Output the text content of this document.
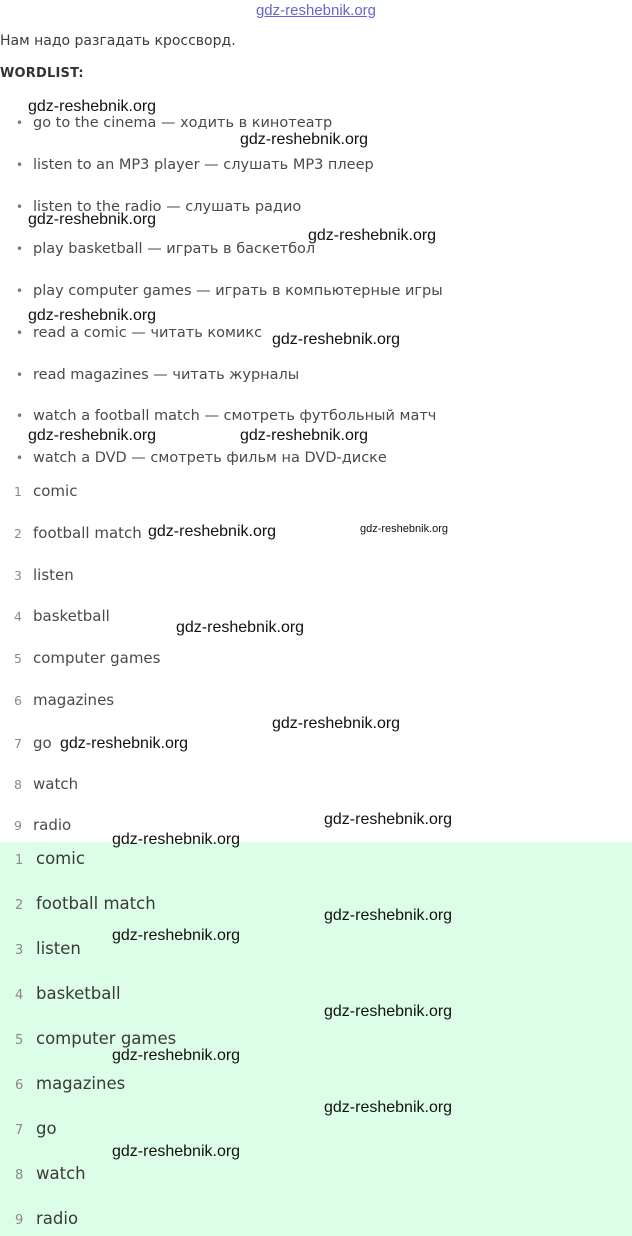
gdz-reshebnik.org
Нам надо разгадать кроссворд.
WORDLIST:
• go to the cinema — ходить в кинотеатр
• listen to an MP3 player — слушать MP3 плеер
• listen to the radio — слушать радио
• play basketball — играть в баскетбол
• play computer games — играть в компьютерные игры
• read a comic — читать комикс
• read magazines — читать журналы
• watch a football match — смотреть футбольный матч
• watch a DVD — смотреть фильм на DVD-диске
1 comic
2 football match
3 listen
4 basketball
5 computer games
6 magazines
7 go
8 watch
9 radio
1 comic
2 football match
3 listen
4 basketball
5 computer games
6 magazines
7 go
8 watch
9 radio
gdz-reshebnik.org
gdz-reshebnik.org
gdz-reshebnik.org
gdz-reshebnik.org
gdz-reshebnik.org
gdz-reshebnik.org
gdz-reshebnik.org	gdz-reshebnik.org
gdz-reshebnik.org	gdz-reshebnik.org
gdz-reshebnik.org
gdz-reshebnik.org
gdz-reshebnik.org
gdz-reshebnik.org
gdz-reshebnik.org
gdz-reshebnik.org
gdz-reshebnik.org
gdz-reshebnik.org
gdz-reshebnik.org
gdz-reshebnik.org
gdz-reshebnik.org
